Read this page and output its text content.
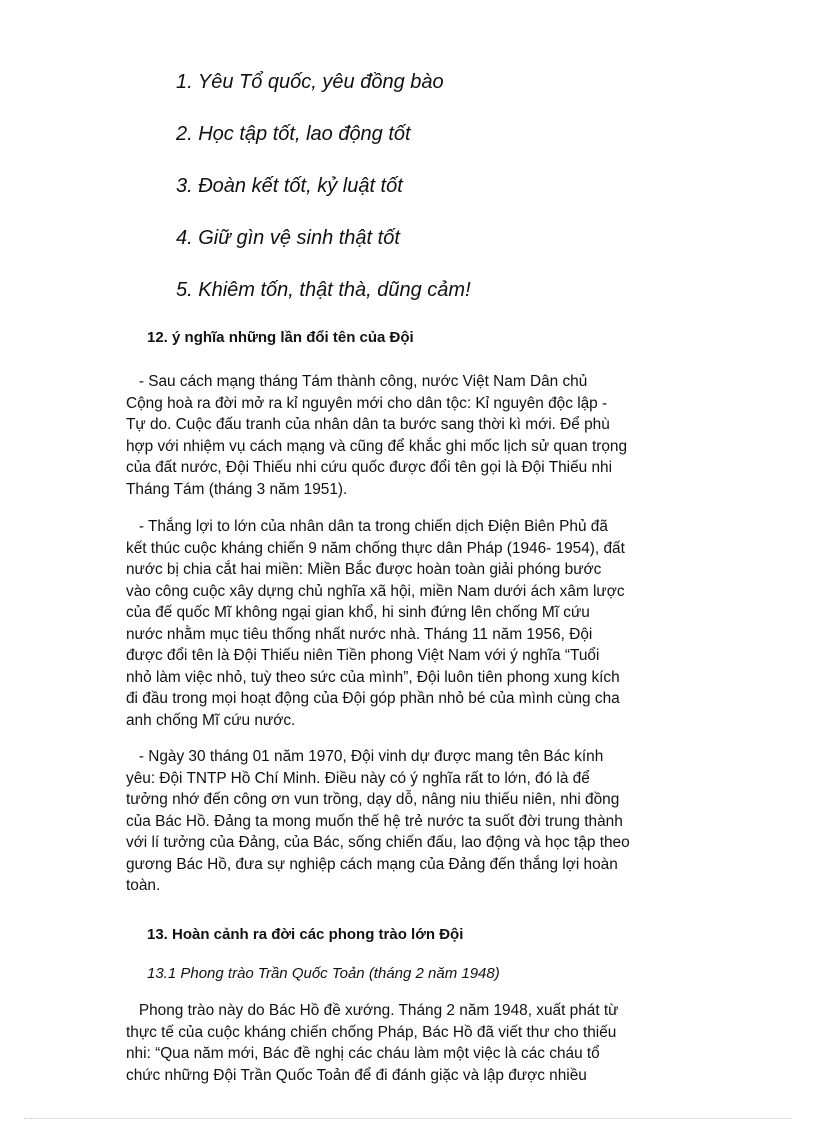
1. Yêu Tổ quốc, yêu đồng bào
2. Học tập tốt, lao động tốt
3. Đoàn kết tốt, kỷ luật tốt
4. Giữ gìn vệ sinh thật tốt
5. Khiêm tốn, thật thà, dũng cảm!
12. ý nghĩa những lần đổi tên của Đội
- Sau cách mạng tháng Tám thành công, nước Việt Nam Dân chủ
Cộng hoà ra đời mở ra kỉ nguyên mới cho dân tộc: Kỉ nguyên độc lập -
Tự do. Cuộc đấu tranh của nhân dân ta bước sang thời kì mới. Để phù
hợp với nhiệm vụ cách mạng và cũng để khắc ghi mốc lịch sử quan trọng
của đất nước, Đội Thiếu nhi cứu quốc được đổi tên gọi là Đội Thiếu nhi
Tháng Tám (tháng 3 năm 1951).
- Thắng lợi to lớn của nhân dân ta trong chiến dịch Điện Biên Phủ đã
kết thúc cuộc kháng chiến 9 năm chống thực dân Pháp (1946- 1954), đất
nước bị chia cắt hai miền: Miền Bắc được hoàn toàn giải phóng bước
vào công cuộc xây dựng chủ nghĩa xã hội, miền Nam dưới ách xâm lược
của đế quốc Mĩ không ngại gian khổ, hi sinh đứng lên chống Mĩ cứu
nước nhằm mục tiêu thống nhất nước nhà. Tháng 11 năm 1956, Đội
được đổi tên là Đội Thiếu niên Tiền phong Việt Nam với ý nghĩa “Tuổi
nhỏ làm việc nhỏ, tuỳ theo sức của mình”, Đội luôn tiên phong xung kích
đi đầu trong mọi hoạt động của Đội góp phần nhỏ bé của mình cùng cha
anh chống Mĩ cứu nước.
- Ngày 30 tháng 01 năm 1970, Đội vinh dự được mang tên Bác kính
yêu: Đội TNTP Hồ Chí Minh. Điều này có ý nghĩa rất to lớn, đó là để
tưởng nhớ đến công ơn vun trồng, dạy dỗ, nâng niu thiếu niên, nhi đồng
của Bác Hồ. Đảng ta mong muốn thế hệ trẻ nước ta suốt đời trung thành
với lí tưởng của Đảng, của Bác, sống chiến đấu, lao động và học tập theo
gương Bác Hồ, đưa sự nghiệp cách mạng của Đảng đến thắng lợi hoàn
toàn.
13. Hoàn cảnh ra đời các phong trào lớn Đội
13.1 Phong trào Trần Quốc Toản (tháng 2 năm 1948)
Phong trào này do Bác Hồ đề xướng. Tháng 2 năm 1948, xuất phát từ
thực tế của cuộc kháng chiến chống Pháp, Bác Hồ đã viết thư cho thiếu
nhi: “Qua năm mới, Bác đề nghị các cháu làm một việc là các cháu tổ
chức những Đội Trần Quốc Toản để đi đánh giặc và lập được nhiều
